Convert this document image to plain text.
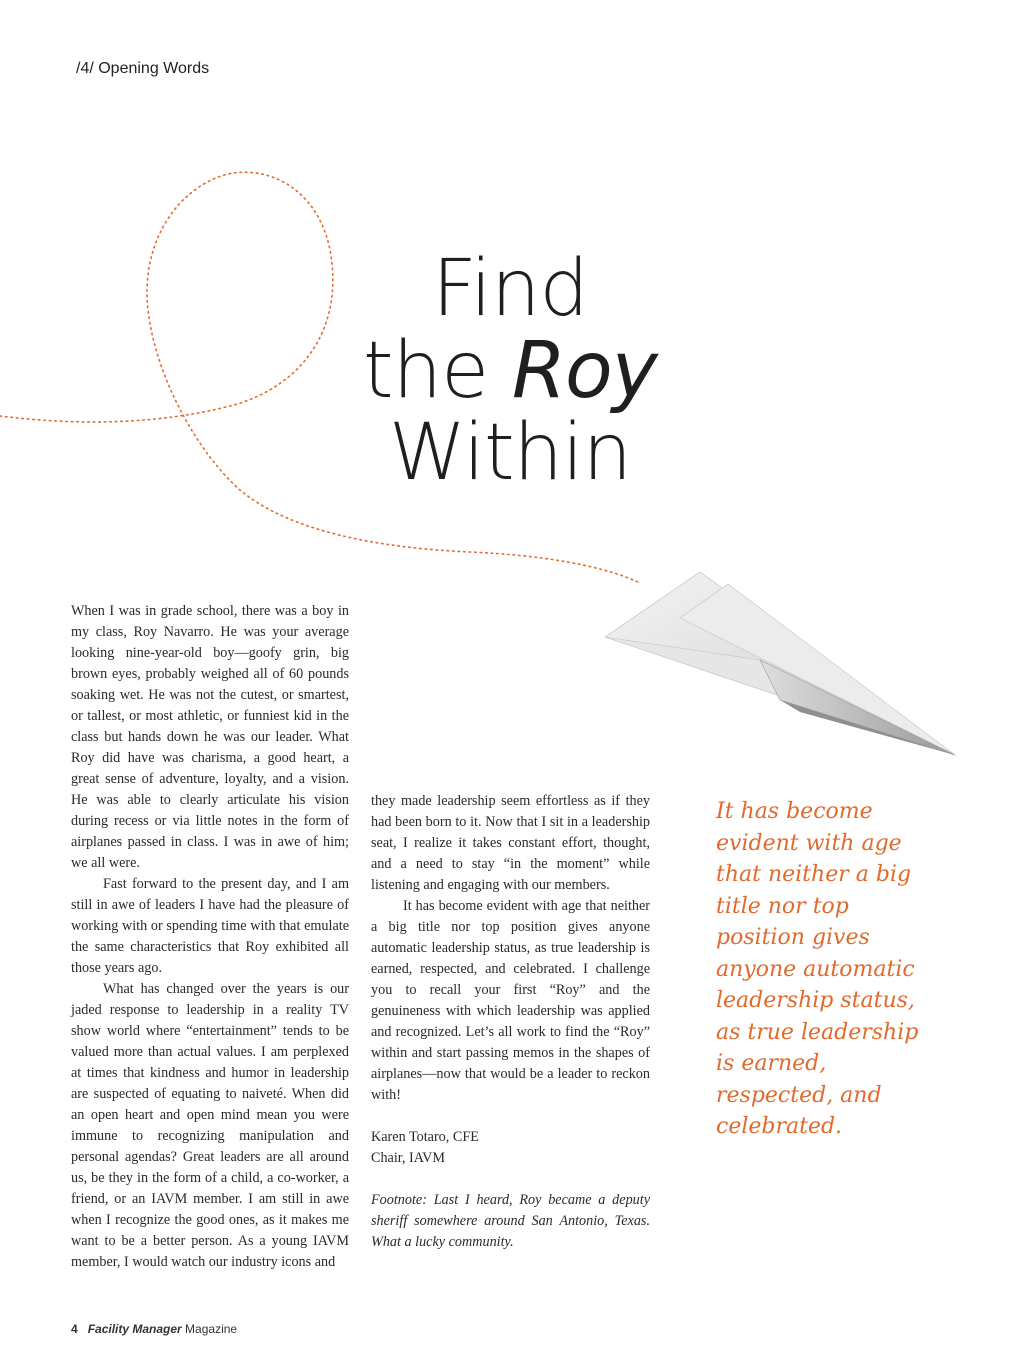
/4/ Opening Words
Find
the Roy
Within

When I was in grade school, there was a boy in my class, Roy Navarro. He was your average looking nine-year-old boy—goofy grin, big brown eyes, probably weighed all of 60 pounds soaking wet. He was not the cutest, or smartest, or tallest, or most athletic, or funniest kid in the class but hands down he was our leader. What Roy did have was charisma, a good heart, a great sense of adventure, loyalty, and a vision. He was able to clearly articulate his vision during recess or via little notes in the form of airplanes passed in class. I was in awe of him; we all were.

Fast forward to the present day, and I am still in awe of leaders I have had the pleasure of working with or spending time with that emulate the same characteristics that Roy exhibited all those years ago.

What has changed over the years is our jaded response to leadership in a reality TV show world where “entertainment” tends to be valued more than actual values. I am perplexed at times that kindness and humor in leadership are suspected of equating to naiveté. When did an open heart and open mind mean you were immune to recognizing manipulation and personal agendas? Great leaders are all around us, be they in the form of a child, a co-worker, a friend, or an IAVM member. I am still in awe when I recognize the good ones, as it makes me want to be a better person. As a young IAVM member, I would watch our industry icons and

they made leadership seem effortless as if they had been born to it. Now that I sit in a leadership seat, I realize it takes constant effort, thought, and a need to stay “in the moment” while listening and engaging with our members.

It has become evident with age that neither a big title nor top position gives anyone automatic leadership status, as true leadership is earned, respected, and celebrated. I challenge you to recall your first “Roy” and the genuineness with which leadership was applied and recognized. Let’s all work to find the “Roy” within and start passing memos in the shapes of airplanes—now that would be a leader to reckon with!

Karen Totaro, CFE
Chair, IAVM

Footnote: Last I heard, Roy became a deputy sheriff somewhere around San Antonio, Texas. What a lucky community.

It has become evident with age that neither a big title nor top position gives anyone automatic leadership status, as true leadership is earned, respected, and celebrated.
4 Facility Manager Magazine
